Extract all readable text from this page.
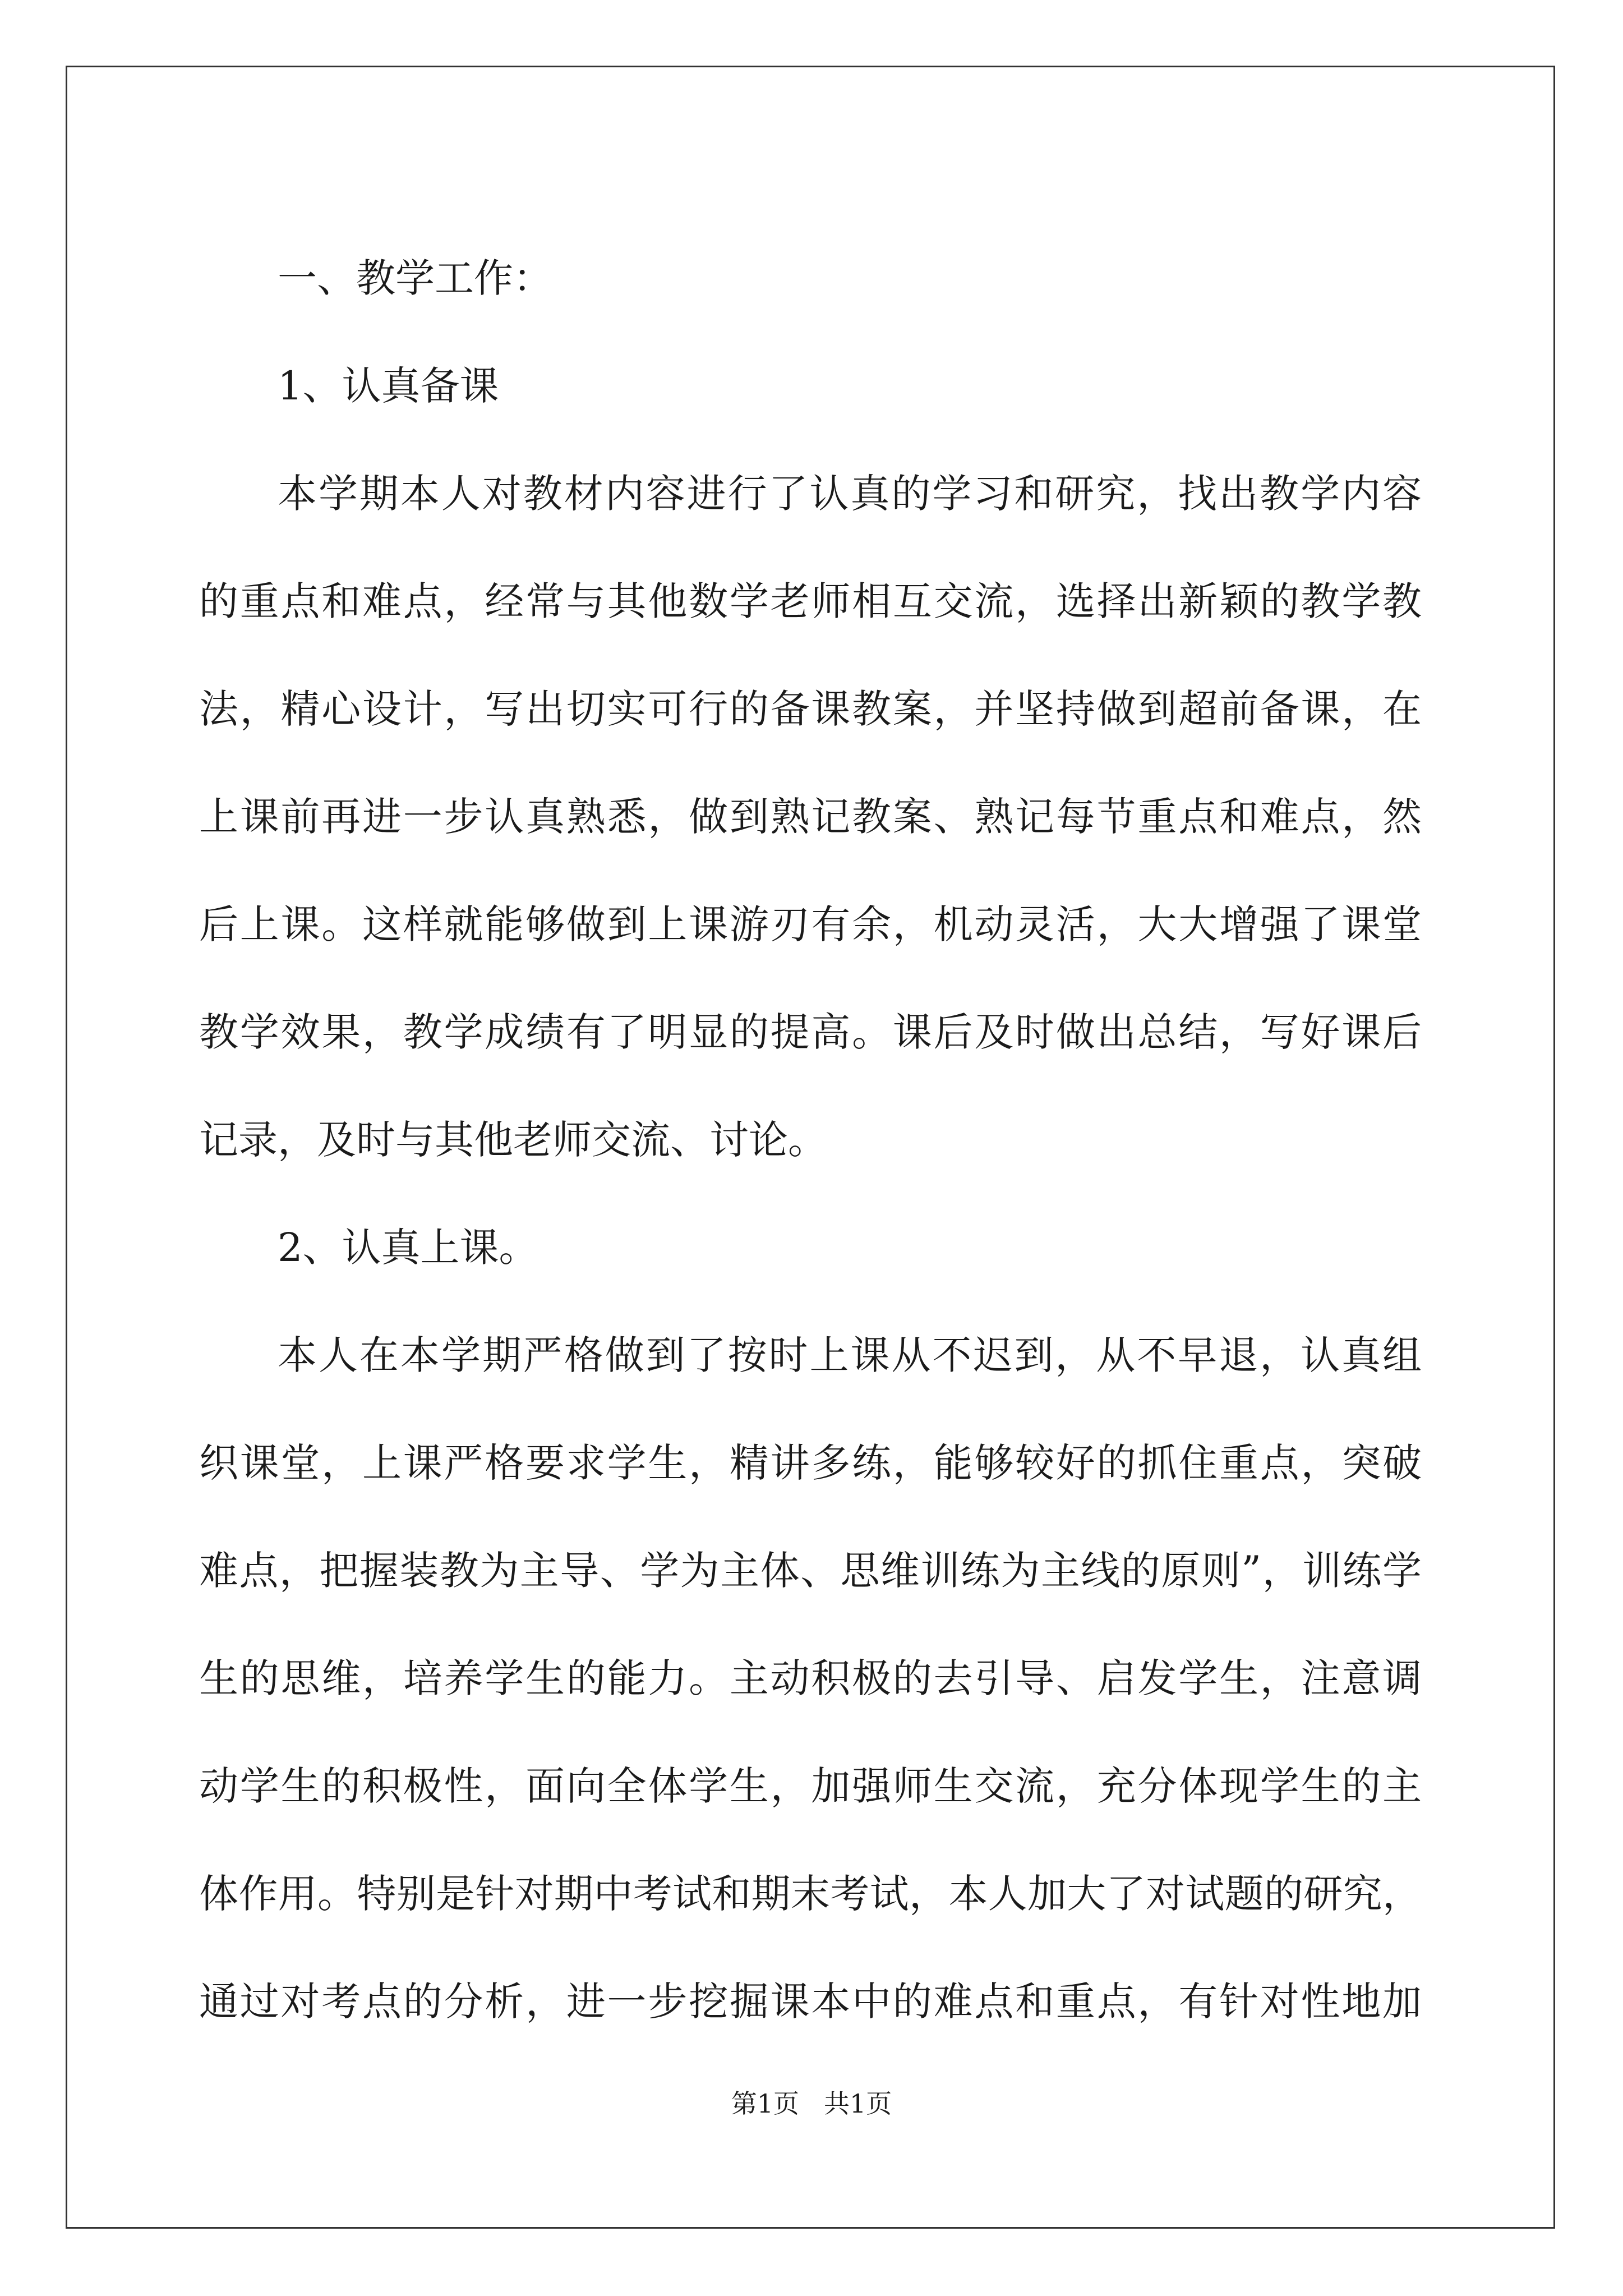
一、教学工作：
1、认真备课
本学期本人对教材内容进行了认真的学习和研究，找出教学内容
的重点和难点，经常与其他数学老师相互交流，选择出新颖的教学教
法，精心设计，写出切实可行的备课教案，并坚持做到超前备课，在
上课前再进一步认真熟悉，做到熟记教案、熟记每节重点和难点，然
后上课。这样就能够做到上课游刃有余，机动灵活，大大增强了课堂
教学效果，教学成绩有了明显的提高。课后及时做出总结，写好课后
记录，及时与其他老师交流、讨论。
2、认真上课。
本人在本学期严格做到了按时上课从不迟到，从不早退，认真组
织课堂，上课严格要求学生，精讲多练，能够较好的抓住重点，突破
难点，把握装教为主导、学为主体、思维训练为主线的原则”，训练学
生的思维，培养学生的能力。主动积极的去引导、启发学生，注意调
动学生的积极性，面向全体学生，加强师生交流，充分体现学生的主
体作用。特别是针对期中考试和期末考试，本人加大了对试题的研究，
通过对考点的分析，进一步挖掘课本中的难点和重点，有针对性地加
第1页 共1页
